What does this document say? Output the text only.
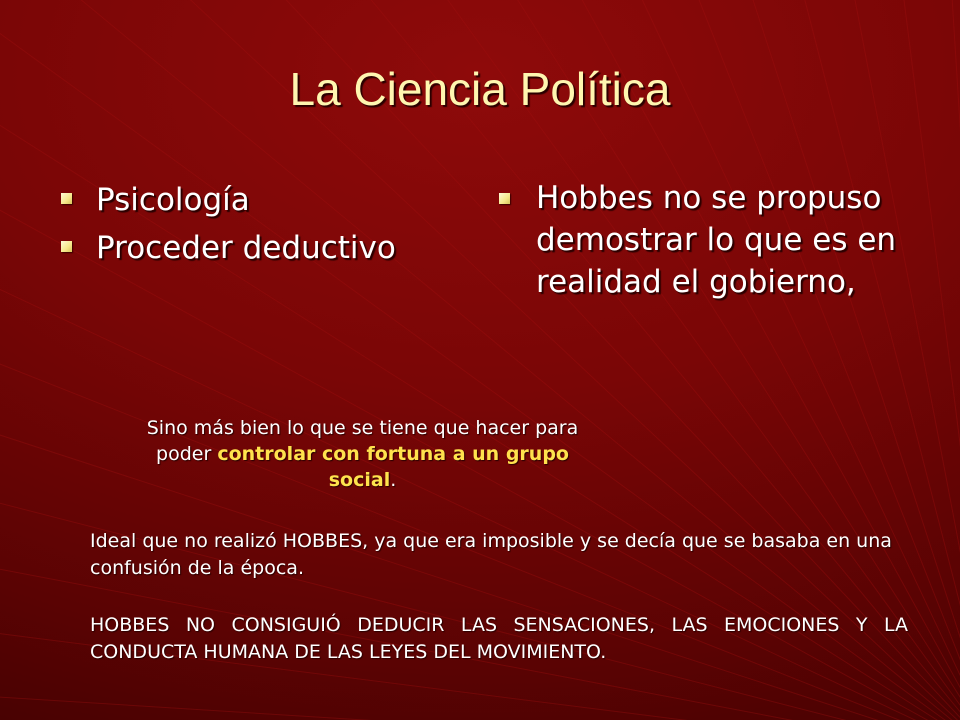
La Ciencia Política
Psicología
Proceder deductivo
Hobbes no se propuso demostrar lo que es en realidad el gobierno,
Sino más bien lo que se tiene que hacer para poder controlar con fortuna a un grupo social.
Ideal que no realizó HOBBES, ya que era imposible y se decía que se basaba en una confusión de la época.
HOBBES NO CONSIGUIÓ DEDUCIR LAS SENSACIONES, LAS EMOCIONES Y LA CONDUCTA HUMANA DE LAS LEYES DEL MOVIMIENTO.
